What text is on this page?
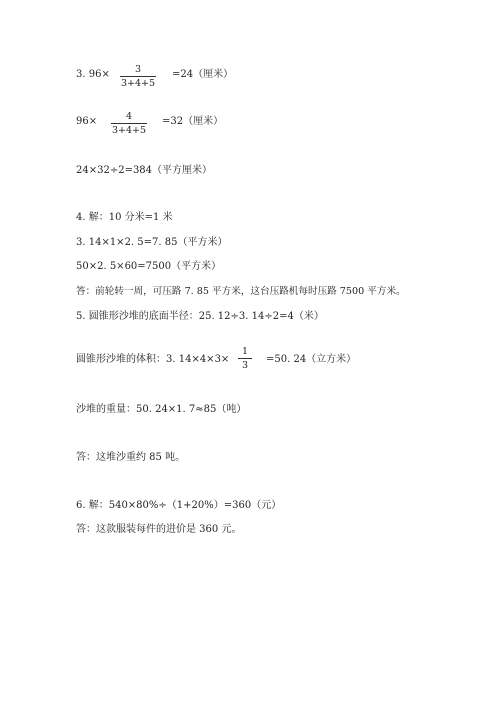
3. 96×	3
3+4+5
=24（厘米）
96×	4
3+4+5
=32（厘米）
24×32÷2=384（平方厘米）
4. 解：10 分米=1 米
3. 14×1×2. 5=7. 85（平方米）
50×2. 5×60=7500（平方米）
答：前轮转一周，可压路 7. 85 平方米，这台压路机每时压路 7500 平方米。
5. 圆锥形沙堆的底面半径：25. 12÷3. 14÷2=4（米）
圆锥形沙堆的体积：3. 14×4×3×
1
3
=50. 24（立方米）
沙堆的重量：50. 24×1. 7≈85（吨）
答：这堆沙重约 85 吨。
6. 解：540×80%÷（1+20%）=360（元）
答：这款服装每件的进价是 360 元。
